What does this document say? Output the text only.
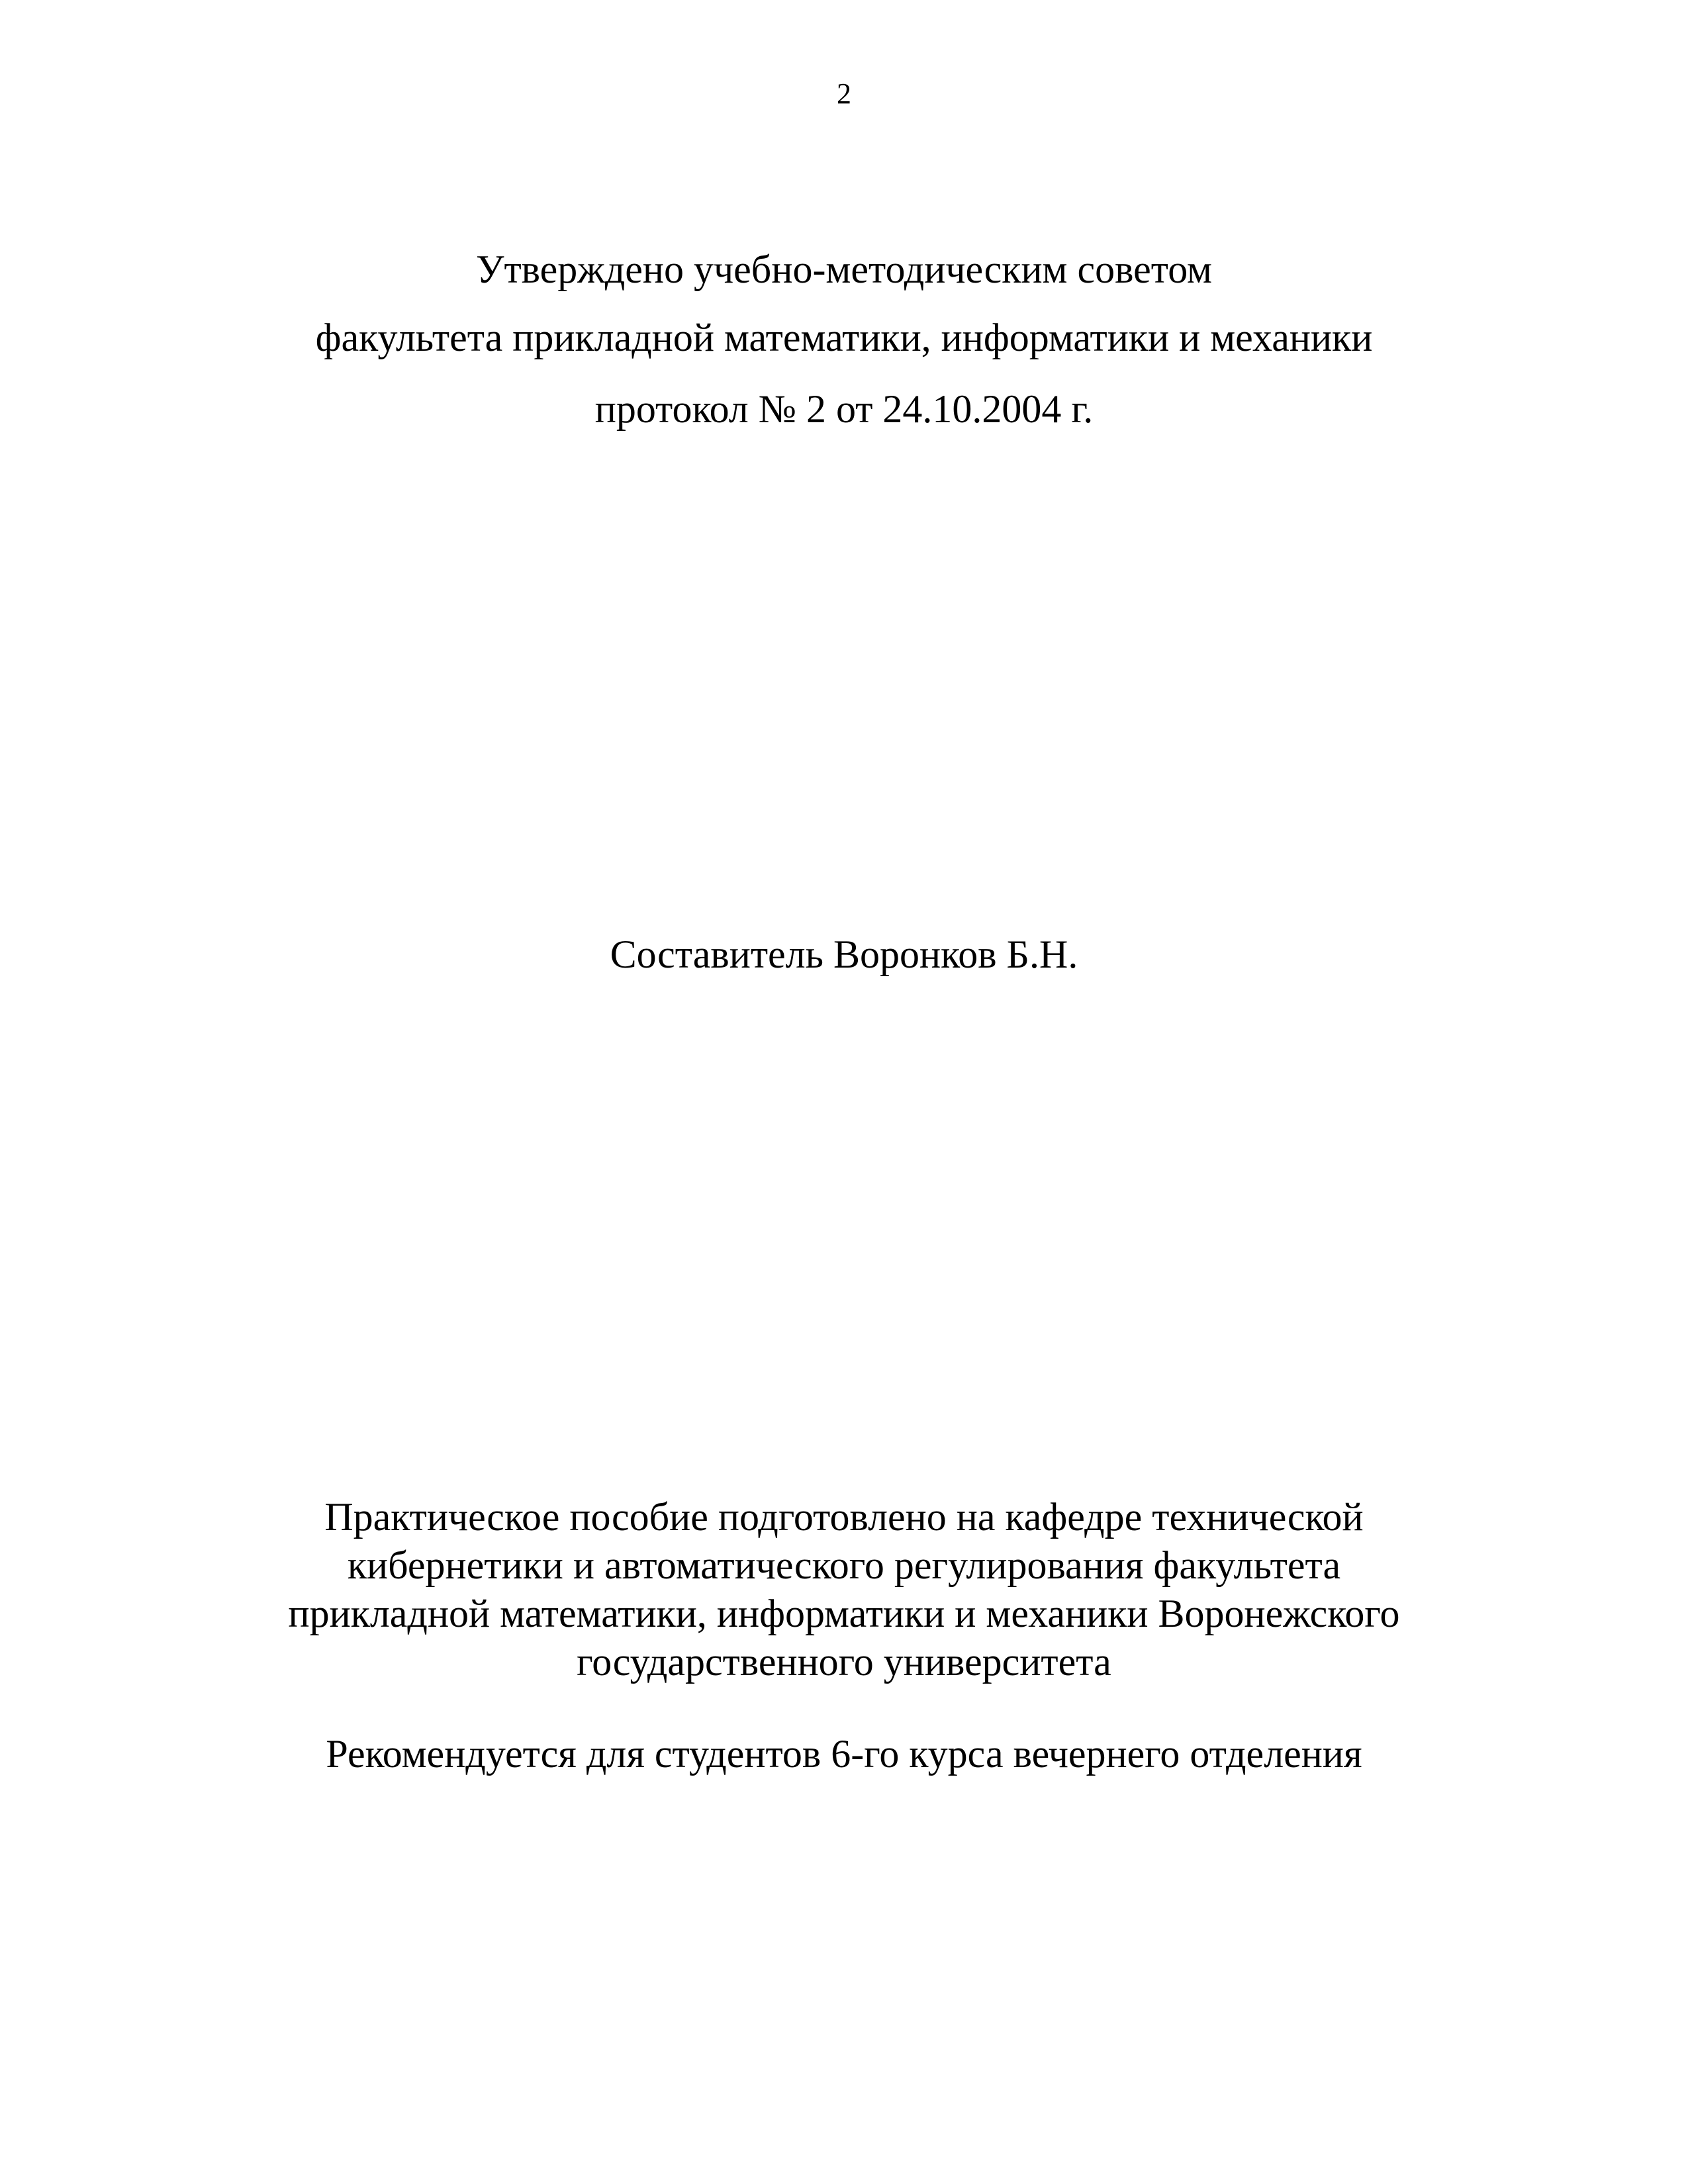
2
Утверждено учебно-методическим советом
факультета прикладной математики, информатики и механики
протокол № 2 от 24.10.2004 г.
Составитель Воронков Б.Н.
Практическое пособие подготовлено на кафедре технической
кибернетики и автоматического регулирования факультета
прикладной математики, информатики и механики Воронежского
государственного университета
Рекомендуется для студентов 6-го курса вечернего отделения
